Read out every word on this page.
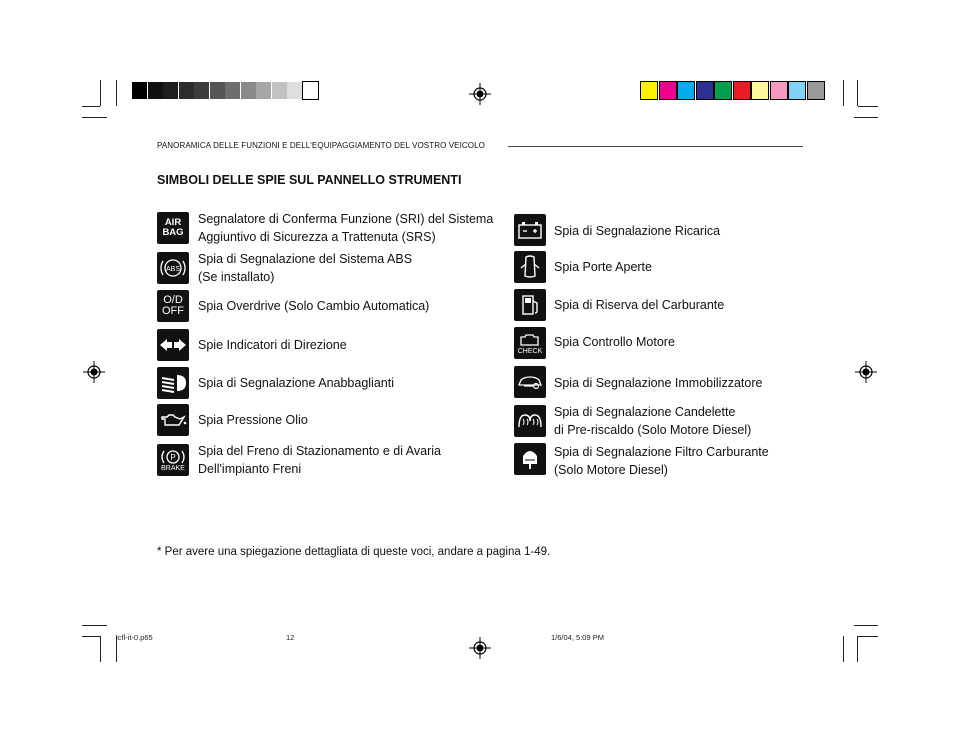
PANORAMICA DELLE FUNZIONI E DELL'EQUIPAGGIAMENTO DEL VOSTRO VEICOLO
SIMBOLI DELLE SPIE SUL PANNELLO STRUMENTI
AIR
BAG
Segnalatore di Conferma Funzione (SRI) del Sistema
Aggiuntivo di Sicurezza a Trattenuta (SRS)
ABS
Spia di Segnalazione del Sistema ABS
(Se installato)
O/D
OFF	Spia Overdrive (Solo Cambio Automatica)
Spie Indicatori di Direzione
Spia di Segnalazione Anabbaglianti
Spia Pressione Olio
P
BRAKE
Spia del Freno di Stazionamento e di Avaria
Dell'impianto Freni
Spia di Segnalazione Ricarica
Spia Porte Aperte
Spia di Riserva del Carburante
CHECK
Spia Controllo Motore
Spia di Segnalazione Immobilizzatore
Spia di Segnalazione Candelette
di Pre-riscaldo (Solo Motore Diesel)
Spia di Segnalazione Filtro Carburante
(Solo Motore Diesel)
* Per avere una spiegazione dettagliata di queste voci, andare a pagina 1-49.
lcfl-it-0.p65	12	1/6/04, 5:09 PM
